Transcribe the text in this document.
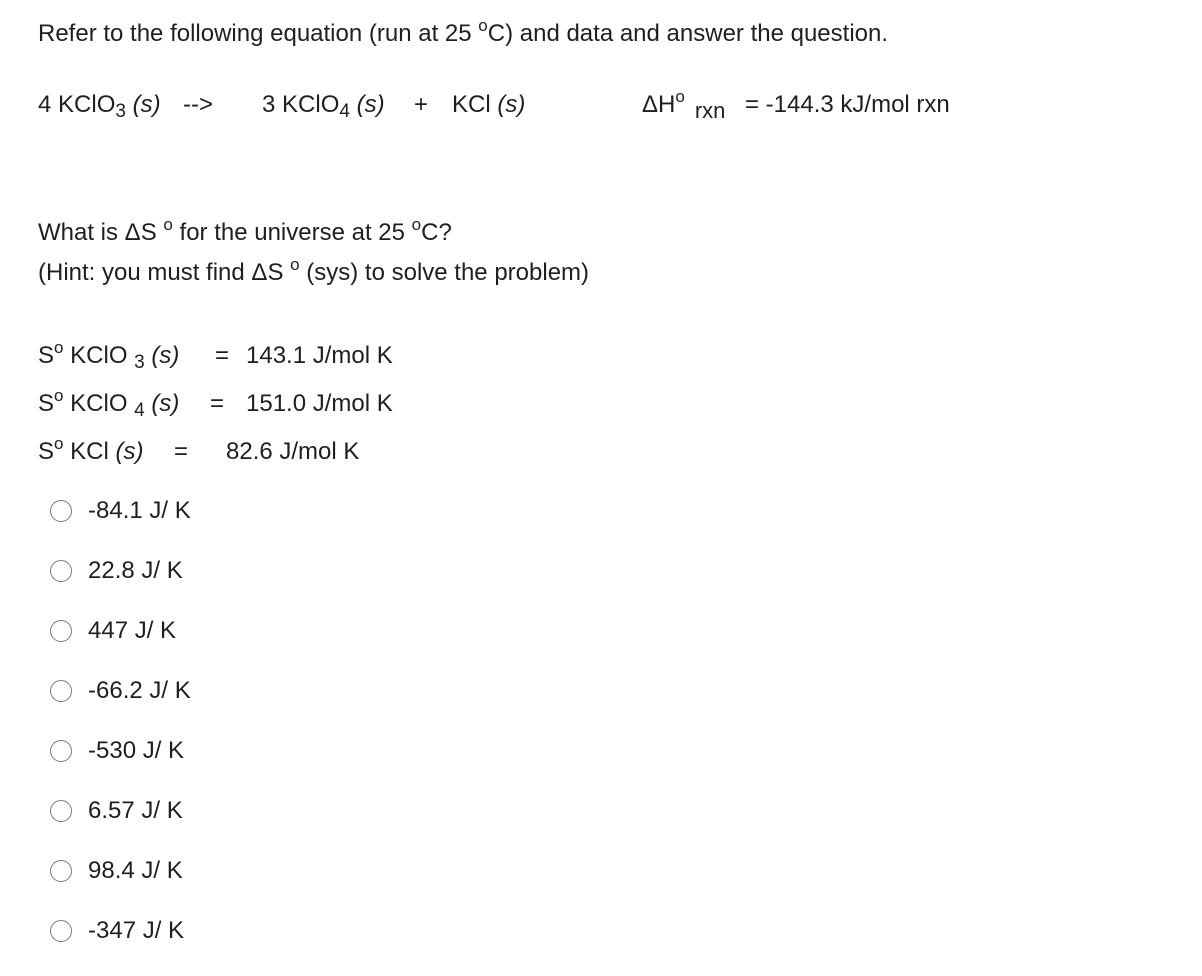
Refer to the following equation (run at 25 $^o$C) and data and answer the question.
4 KClO$_3$ (s) --> 3 KClO$_4$ (s) + KCl (s)	$\Delta H^orxn = -144.3$ kJ/mol rxn
What is ΔS $^o$ for the universe at 25 $^o$C?
(Hint: you must find ΔS $^o$ (sys) to solve the problem)
$S^o$ KClO $_3$ (s) = 143.1 J/mol K
$S^o$ KClO $_4$ (s) = 151.0 J/mol K
$S^o$ KCl (s) = 82.6 J/mol K
-84.1 J/ K
22.8 J/ K
447 J/ K
-66.2 J/ K
-530 J/ K
6.57 J/ K
98.4 J/ K
-347 J/ K
